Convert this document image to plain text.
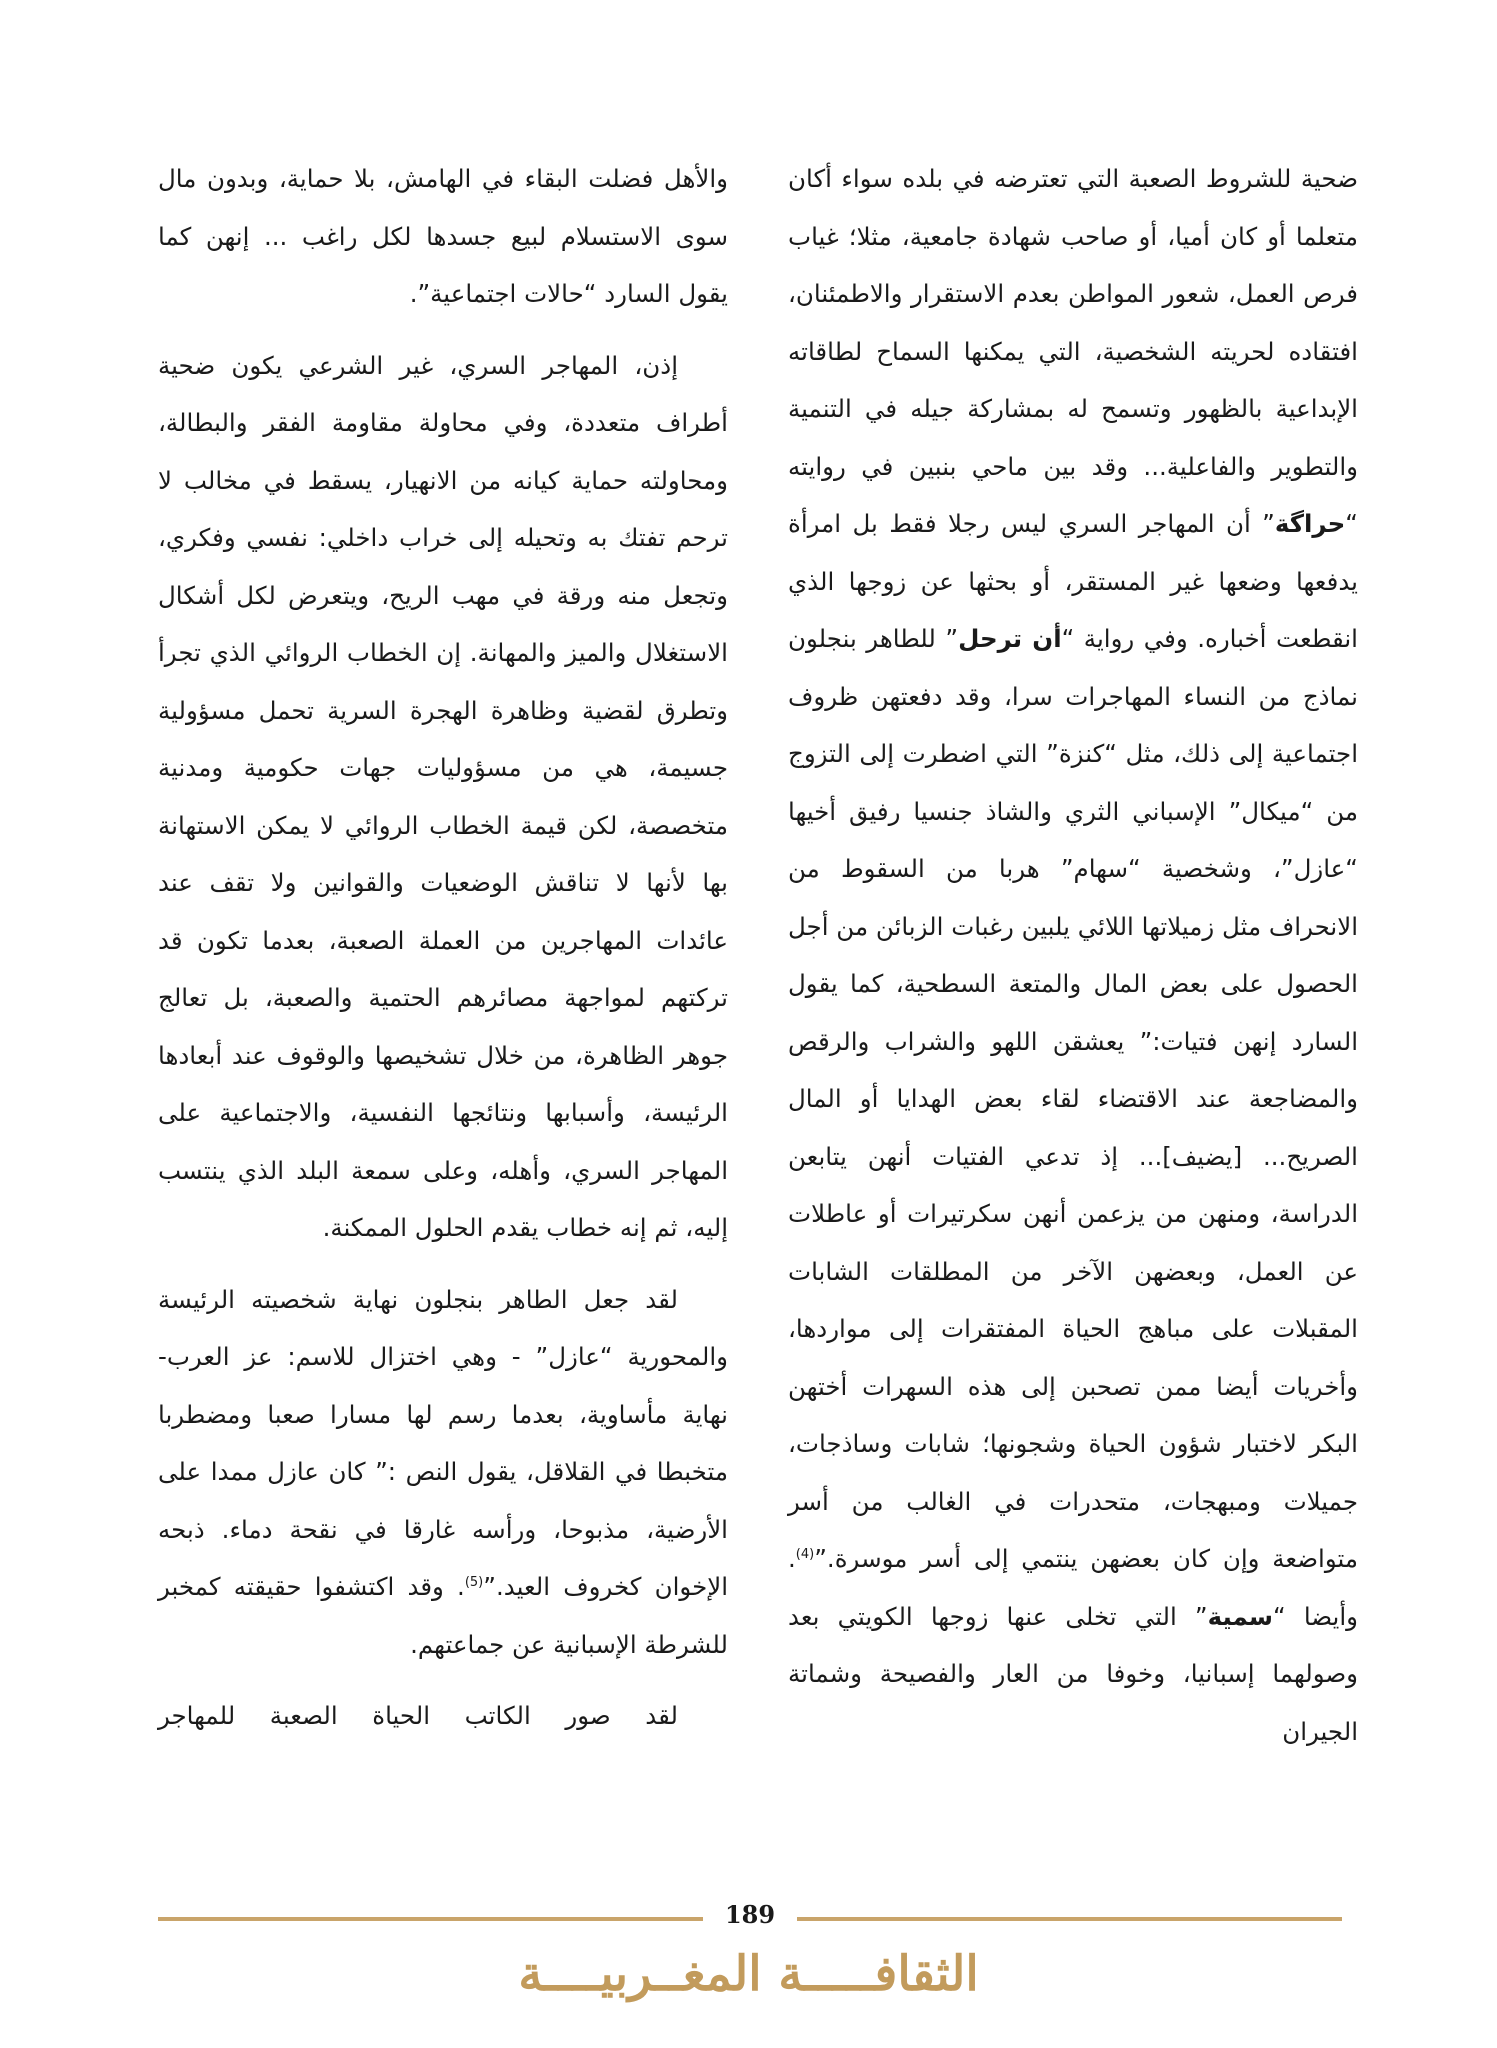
ضحية للشروط الصعبة التي تعترضه في بلده سواء أكان متعلما أو كان أميا، أو صاحب شهادة جامعية، مثلا؛ غياب فرص العمل، شعور المواطن بعدم الاستقرار والاطمئنان، افتقاده لحريته الشخصية، التي يمكنها السماح لطاقاته الإبداعية بالظهور وتسمح له بمشاركة جيله في التنمية والتطوير والفاعلية... وقد بين ماحي بنبين في روايته “حراگة” أن المهاجر السري ليس رجلا فقط بل امرأة يدفعها وضعها غير المستقر، أو بحثها عن زوجها الذي انقطعت أخباره. وفي رواية “أن ترحل” للطاهر بنجلون نماذج من النساء المهاجرات سرا، وقد دفعتهن ظروف اجتماعية إلى ذلك، مثل “كنزة” التي اضطرت إلى التزوج من “ميكال” الإسباني الثري والشاذ جنسيا رفيق أخيها “عازل”، وشخصية “سهام” هربا من السقوط من الانحراف مثل زميلاتها اللائي يلبين رغبات الزبائن من أجل الحصول على بعض المال والمتعة السطحية، كما يقول السارد إنهن فتيات:” يعشقن اللهو والشراب والرقص والمضاجعة عند الاقتضاء لقاء بعض الهدايا أو المال الصريح... [يضيف]... إذ تدعي الفتيات أنهن يتابعن الدراسة، ومنهن من يزعمن أنهن سكرتيرات أو عاطلات عن العمل، وبعضهن الآخر من المطلقات الشابات المقبلات على مباهج الحياة المفتقرات إلى مواردها، وأخريات أيضا ممن تصحبن إلى هذه السهرات أختهن البكر لاختبار شؤون الحياة وشجونها؛ شابات وساذجات، جميلات ومبهجات، متحدرات في الغالب من أسر متواضعة وإن كان بعضهن ينتمي إلى أسر موسرة.”$^{(4)}$. وأيضا “سمية” التي تخلى عنها زوجها الكويتي بعد وصولهما إسبانيا، وخوفا من العار والفصيحة وشماتة الجيران

والأهل فضلت البقاء في الهامش، بلا حماية، وبدون مال سوى الاستسلام لبيع جسدها لكل راغب ... إنهن كما يقول السارد “حالات اجتماعية”.

إذن، المهاجر السري، غير الشرعي يكون ضحية أطراف متعددة، وفي محاولة مقاومة الفقر والبطالة، ومحاولته حماية كيانه من الانهيار، يسقط في مخالب لا ترحم تفتك به وتحيله إلى خراب داخلي: نفسي وفكري، وتجعل منه ورقة في مهب الريح، ويتعرض لكل أشكال الاستغلال والميز والمهانة. إن الخطاب الروائي الذي تجرأ وتطرق لقضية وظاهرة الهجرة السرية تحمل مسؤولية جسيمة، هي من مسؤوليات جهات حكومية ومدنية متخصصة، لكن قيمة الخطاب الروائي لا يمكن الاستهانة بها لأنها لا تناقش الوضعيات والقوانين ولا تقف عند عائدات المهاجرين من العملة الصعبة، بعدما تكون قد تركتهم لمواجهة مصائرهم الحتمية والصعبة، بل تعالج جوهر الظاهرة، من خلال تشخيصها والوقوف عند أبعادها الرئيسة، وأسبابها ونتائجها النفسية، والاجتماعية على المهاجر السري، وأهله، وعلى سمعة البلد الذي ينتسب إليه، ثم إنه خطاب يقدم الحلول الممكنة.

لقد جعل الطاهر بنجلون نهاية شخصيته الرئيسة والمحورية “عازل” - وهي اختزال للاسم: عز العرب- نهاية مأساوية، بعدما رسم لها مسارا صعبا ومضطربا متخبطا في القلاقل، يقول النص :” كان عازل ممدا على الأرضية، مذبوحا، ورأسه غارقا في نقحة دماء. ذبحه الإخوان كخروف العيد.”$^{(5)}$. وقد اكتشفوا حقيقته كمخبر للشرطة الإسبانية عن جماعتهم.

لقد صور الكاتب الحياة الصعبة للمهاجر

189
الثقافـــــة المغــربيــــة
